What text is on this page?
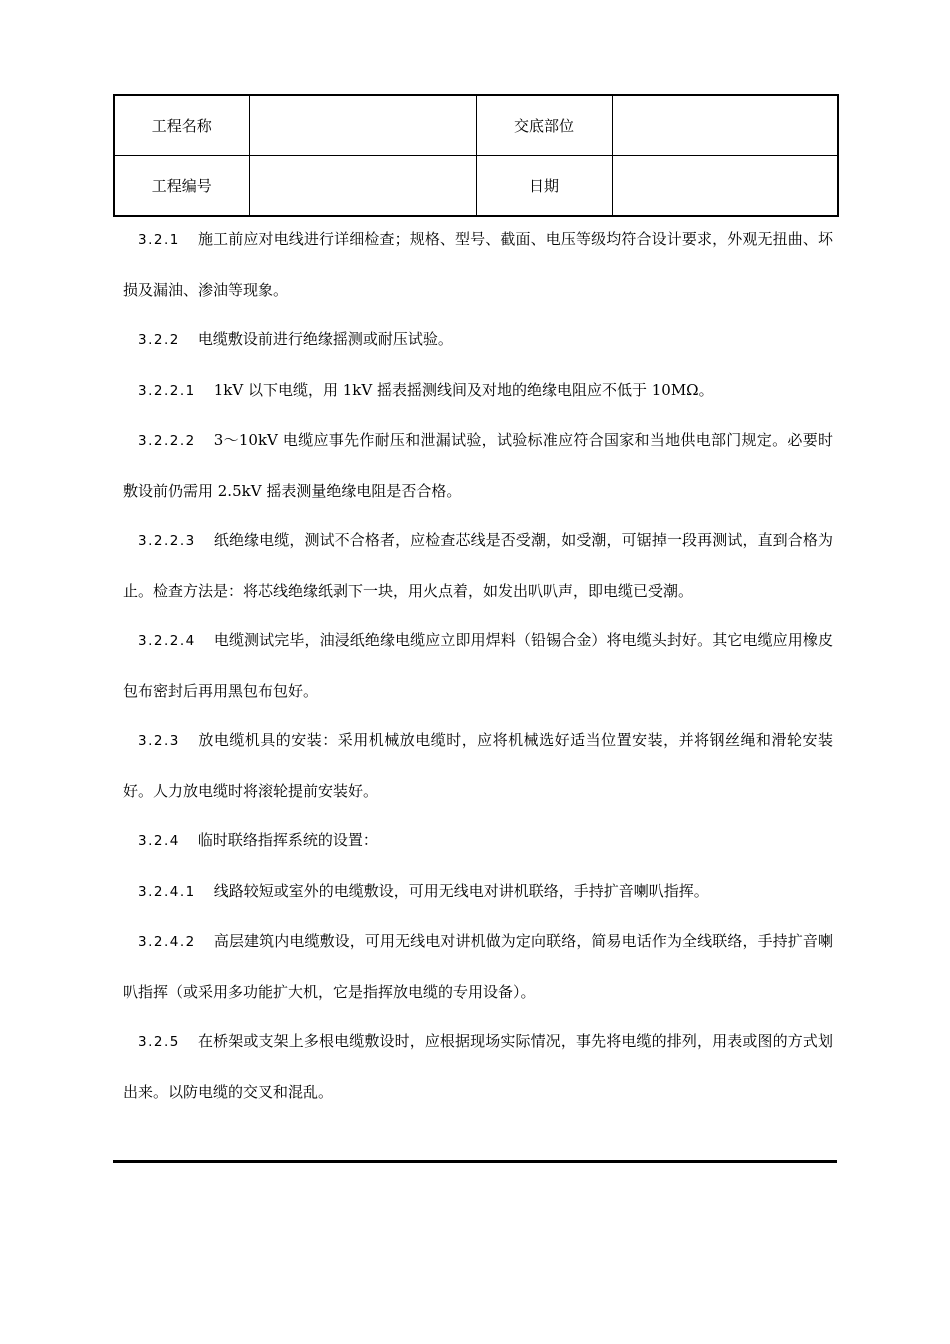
工程名称		交底部位	
工程编号		日期	

3.2.1 施工前应对电线进行详细检查；规格、型号、截面、电压等级均符合设计要求，外观无扭曲、坏损及漏油、渗油等现象。

3.2.2 电缆敷设前进行绝缘摇测或耐压试验。

3.2.2.1 1kV 以下电缆，用 1kV 摇表摇测线间及对地的绝缘电阻应不低于 10MΩ。

3.2.2.2 3～10kV 电缆应事先作耐压和泄漏试验，试验标准应符合国家和当地供电部门规定。必要时敷设前仍需用 2.5kV 摇表测量绝缘电阻是否合格。

3.2.2.3 纸绝缘电缆，测试不合格者，应检查芯线是否受潮，如受潮，可锯掉一段再测试，直到合格为止。检查方法是：将芯线绝缘纸剥下一块，用火点着，如发出叭叭声，即电缆已受潮。

3.2.2.4 电缆测试完毕，油浸纸绝缘电缆应立即用焊料（铅锡合金）将电缆头封好。其它电缆应用橡皮包布密封后再用黑包布包好。

3.2.3 放电缆机具的安装：采用机械放电缆时，应将机械选好适当位置安装，并将钢丝绳和滑轮安装好。人力放电缆时将滚轮提前安装好。

3.2.4 临时联络指挥系统的设置：

3.2.4.1 线路较短或室外的电缆敷设，可用无线电对讲机联络，手持扩音喇叭指挥。

3.2.4.2 高层建筑内电缆敷设，可用无线电对讲机做为定向联络，简易电话作为全线联络，手持扩音喇叭指挥（或采用多功能扩大机，它是指挥放电缆的专用设备）。

3.2.5 在桥架或支架上多根电缆敷设时，应根据现场实际情况，事先将电缆的排列，用表或图的方式划出来。以防电缆的交叉和混乱。
